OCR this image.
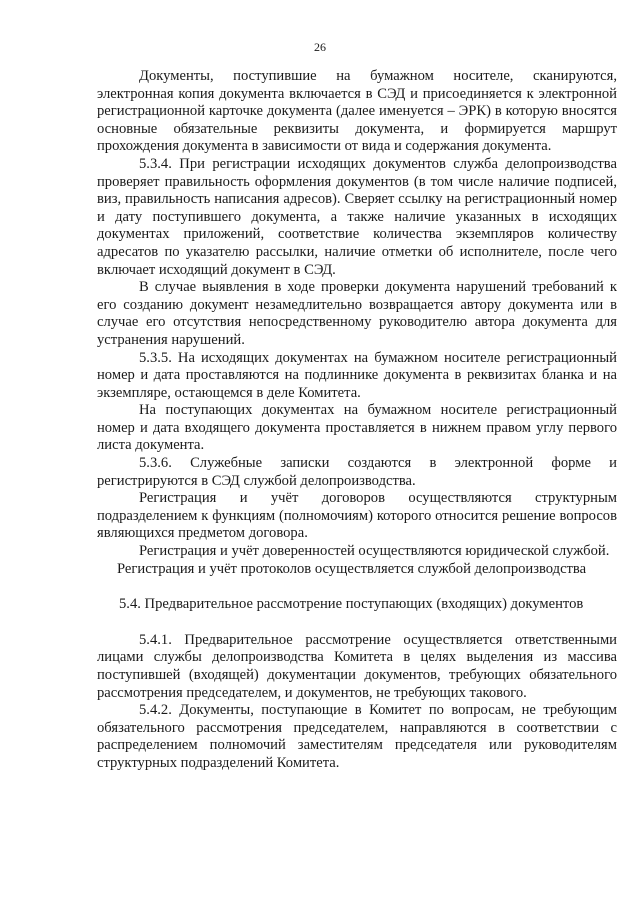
26

Документы, поступившие на бумажном носителе, сканируются, электронная копия документа включается в СЭД и присоединяется к электронной регистрационной карточке документа (далее именуется – ЭРК) в которую вносятся основные обязательные реквизиты документа, и формируется маршрут прохождения документа в зависимости от вида и содержания документа.

5.3.4. При регистрации исходящих документов служба делопроизводства проверяет правильность оформления документов (в том числе наличие подписей, виз, правильность написания адресов). Сверяет ссылку на регистрационный номер и дату поступившего документа, а также наличие указанных в исходящих документах приложений, соответствие количества экземпляров количеству адресатов по указателю рассылки, наличие отметки об исполнителе, после чего включает исходящий документ в СЭД.

В случае выявления в ходе проверки документа нарушений требований к его созданию документ незамедлительно возвращается автору документа или в случае его отсутствия непосредственному руководителю автора документа для устранения нарушений.

5.3.5. На исходящих документах на бумажном носителе регистрационный номер и дата проставляются на подлиннике документа в реквизитах бланка и на экземпляре, остающемся в деле Комитета.

На поступающих документах на бумажном носителе регистрационный номер и дата входящего документа проставляется в нижнем правом углу первого листа документа.

5.3.6. Служебные записки создаются в электронной форме и регистрируются в СЭД службой делопроизводства.

Регистрация и учёт договоров осуществляются структурным подразделением к функциям (полномочиям) которого относится решение вопросов являющихся предметом договора.

Регистрация и учёт доверенностей осуществляются юридической службой.

Регистрация и учёт протоколов осуществляется службой делопроизводства

5.4. Предварительное рассмотрение поступающих (входящих) документов

5.4.1. Предварительное рассмотрение осуществляется ответственными лицами службы делопроизводства Комитета в целях выделения из массива поступившей (входящей) документации документов, требующих обязательного рассмотрения председателем, и документов, не требующих такового.

5.4.2. Документы, поступающие в Комитет по вопросам, не требующим обязательного рассмотрения председателем, направляются в соответствии с распределением полномочий заместителям председателя или руководителям структурных подразделений Комитета.
